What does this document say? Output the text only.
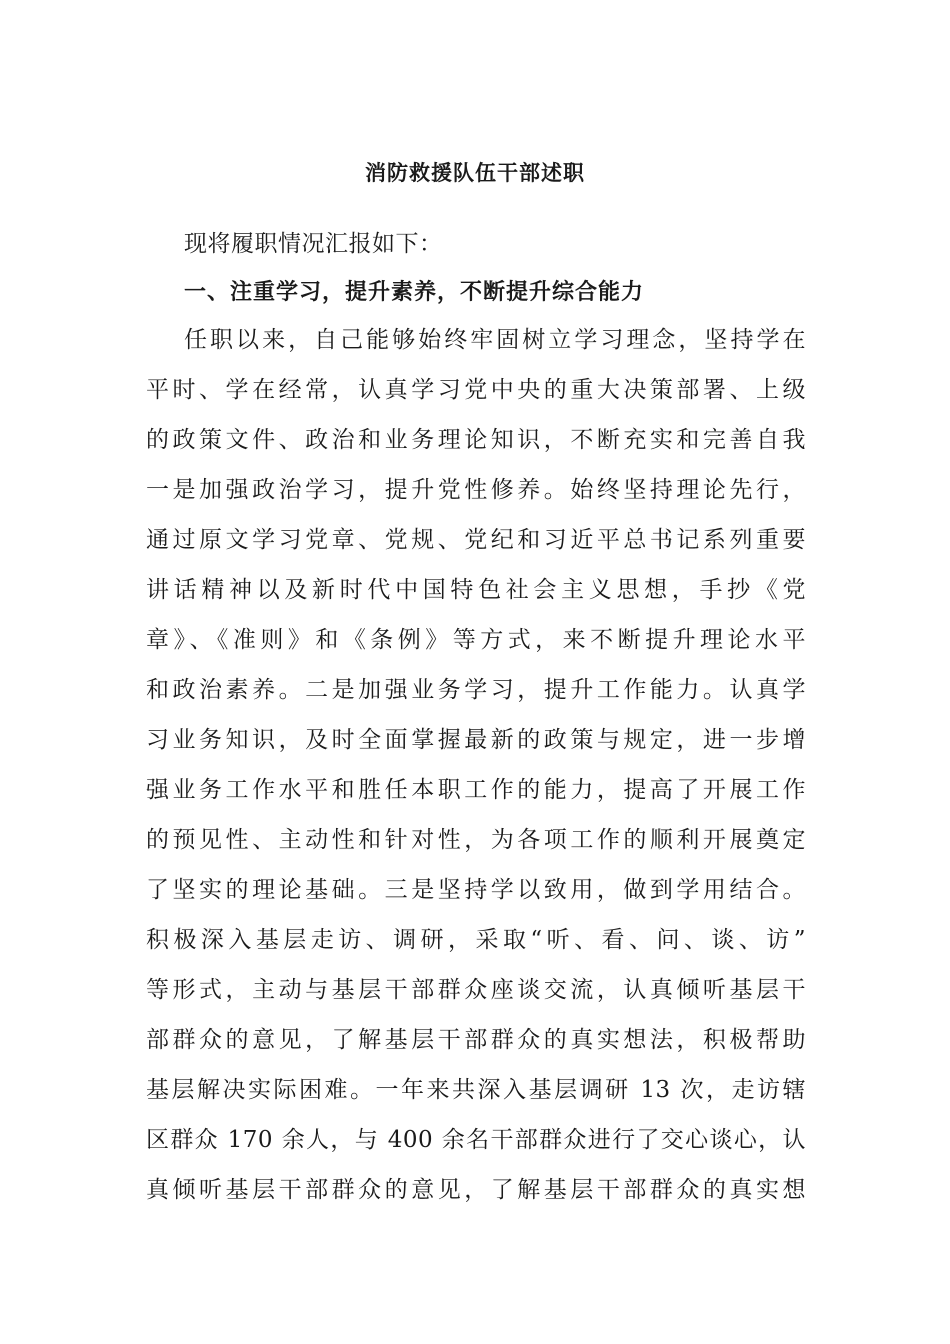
消防救援队伍干部述职
现将履职情况汇报如下：
一、注重学习，提升素养，不断提升综合能力
任职以来，自己能够始终牢固树立学习理念，坚持学在
平时、学在经常，认真学习党中央的重大决策部署、上级
的政策文件、政治和业务理论知识，不断充实和完善自我
一是加强政治学习，提升党性修养。始终坚持理论先行，
通过原文学习党章、党规、党纪和习近平总书记系列重要
讲话精神以及新时代中国特色社会主义思想，手抄《党
章》、《准则》和《条例》等方式，来不断提升理论水平
和政治素养。二是加强业务学习，提升工作能力。认真学
习业务知识，及时全面掌握最新的政策与规定，进一步增
强业务工作水平和胜任本职工作的能力，提高了开展工作
的预见性、主动性和针对性，为各项工作的顺利开展奠定
了坚实的理论基础。三是坚持学以致用，做到学用结合。
积极深入基层走访、调研，采取“听、看、问、谈、访”
等形式，主动与基层干部群众座谈交流，认真倾听基层干
部群众的意见，了解基层干部群众的真实想法，积极帮助
基层解决实际困难。一年来共深入基层调研 13 次，走访辖
区群众 170 余人，与 400 余名干部群众进行了交心谈心，认
真倾听基层干部群众的意见，了解基层干部群众的真实想
